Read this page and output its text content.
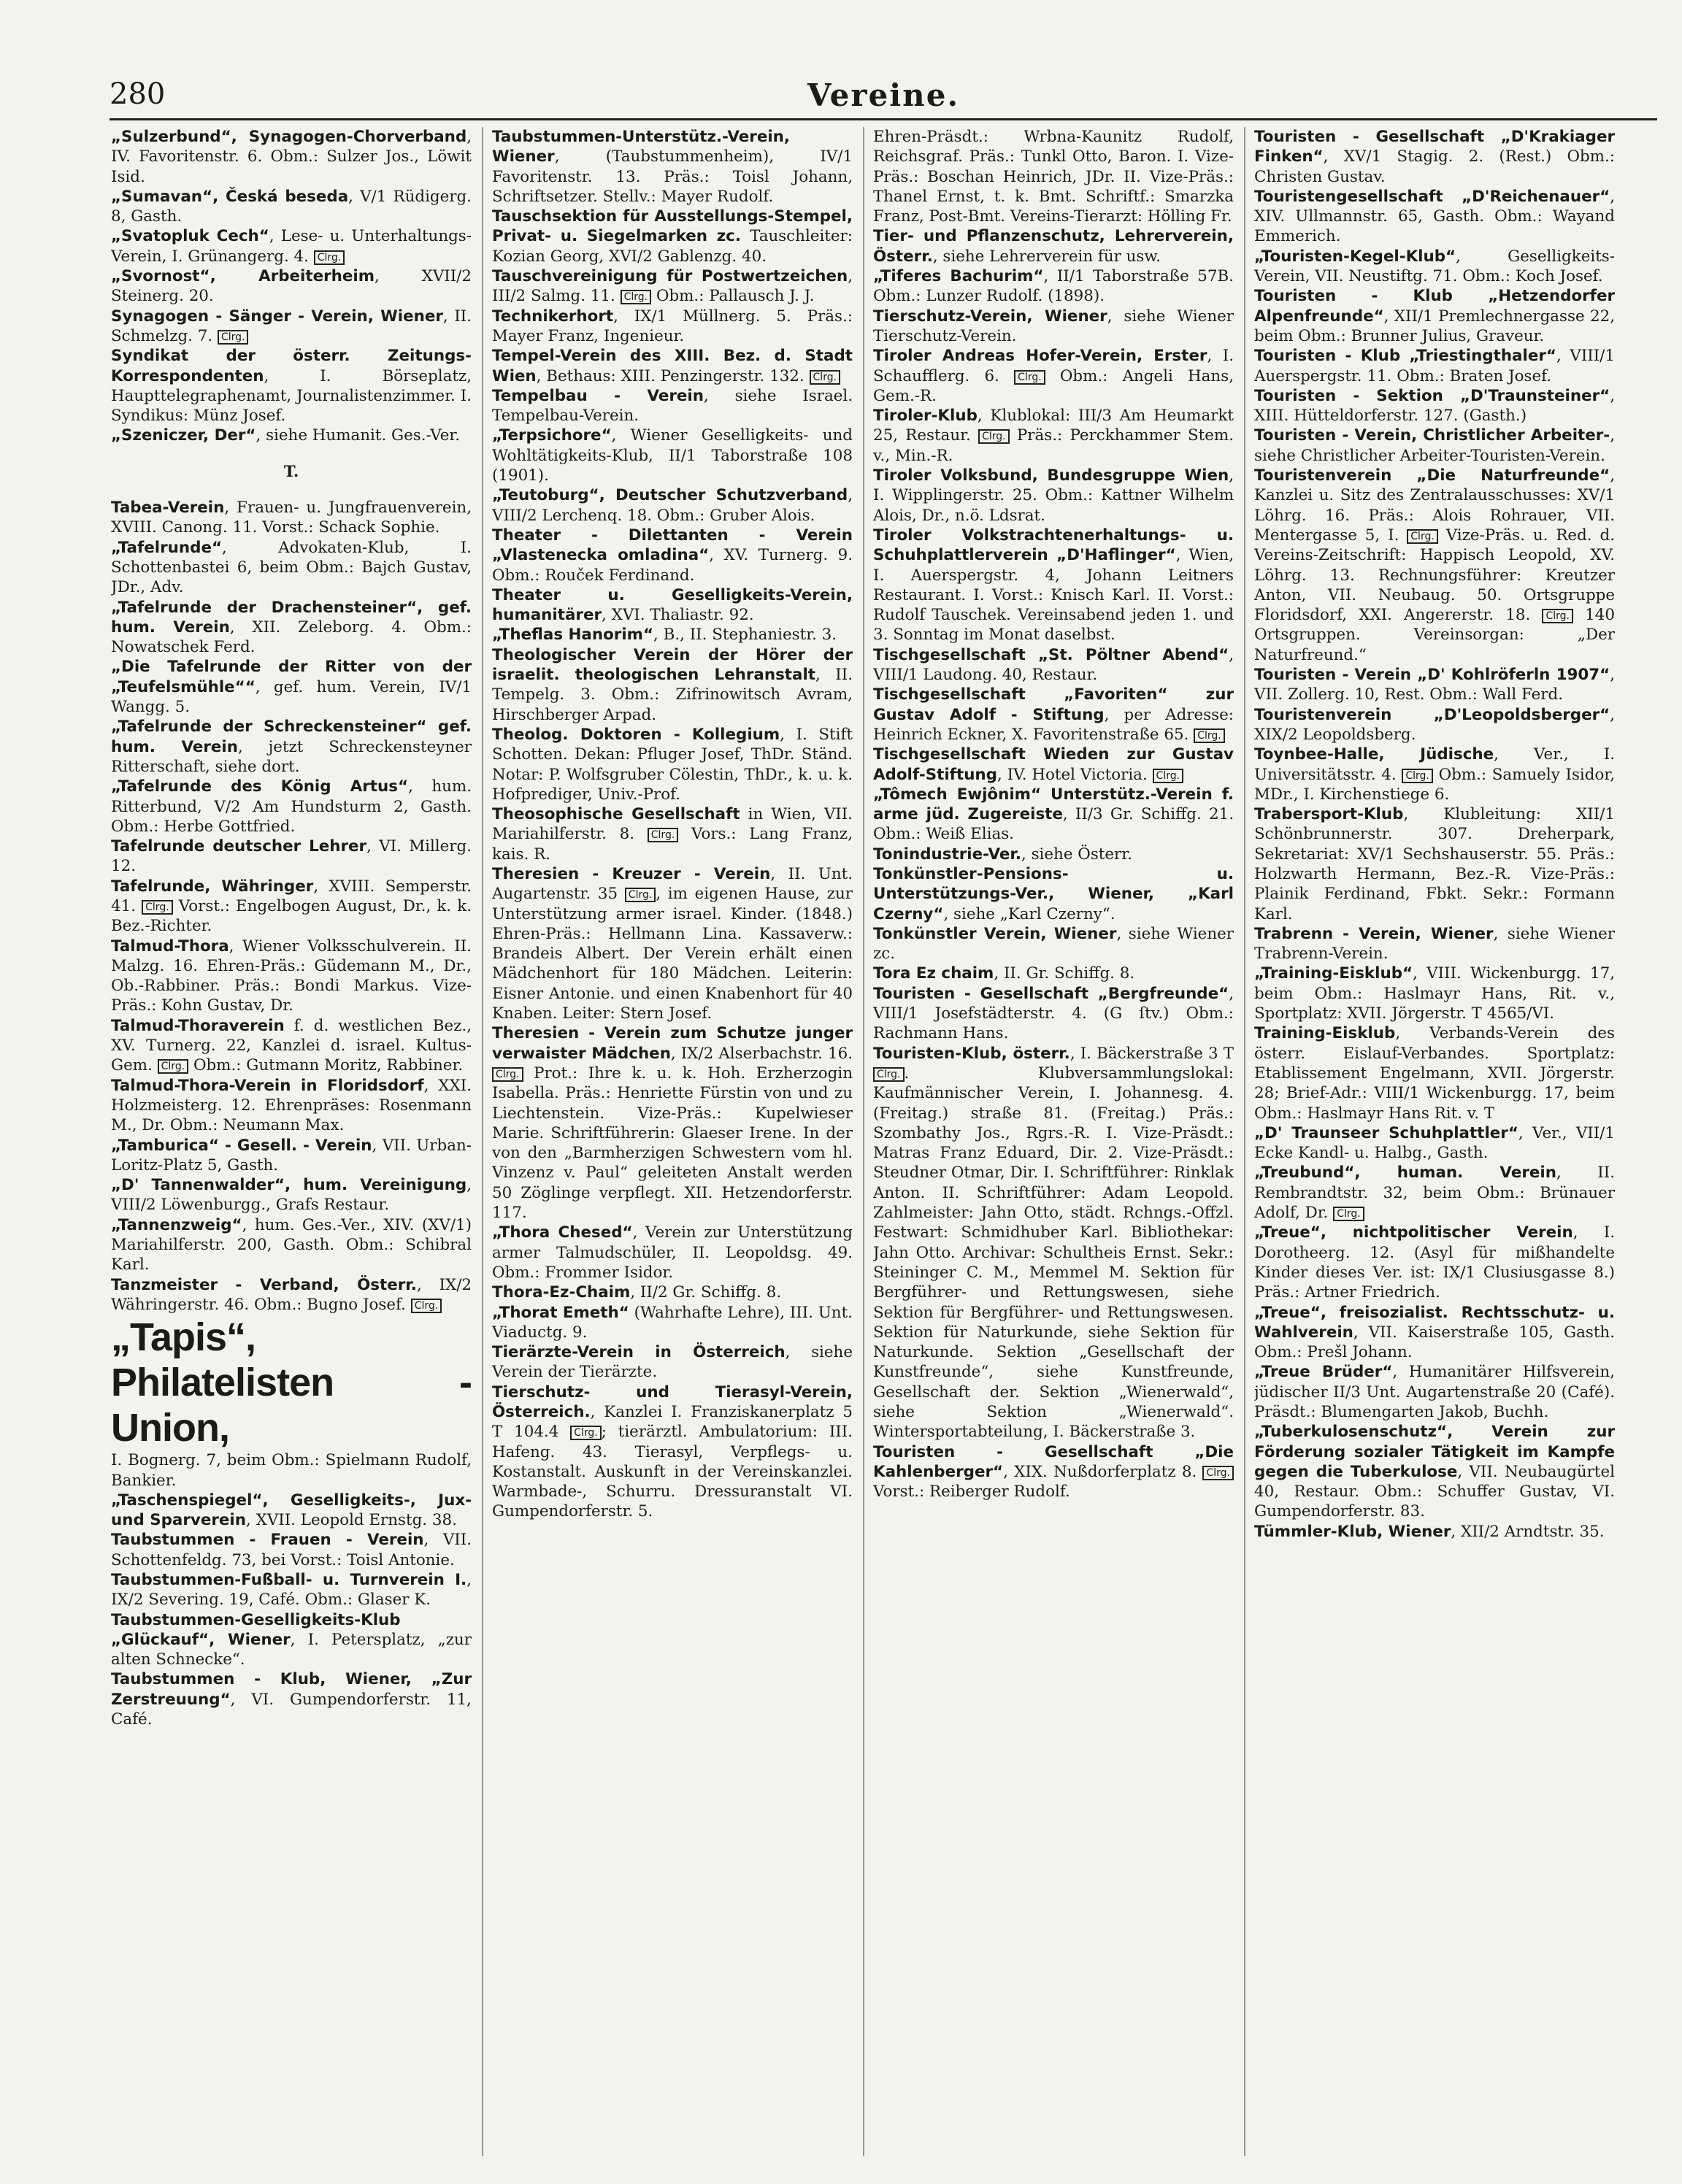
280	Vereine.

„Sulzerbund“, Synagogen-Chorverband, IV. Favoritenstr. 6. Obm.: Sulzer Jos., Löwit Isid.

„Sumavan“, Česká beseda, V/1 Rüdigerg. 8, Gasth.

„Svatopluk Cech“, Lese- u. Unterhaltungs-Verein, I. Grünangerg. 4. Clrg.

„Svornost“, Arbeiterheim, XVII/2 Steinerg. 20.

Synagogen - Sänger - Verein, Wiener, II. Schmelzg. 7. Clrg.

Syndikat der österr. Zeitungs-Korrespondenten, I. Börseplatz, Haupttelegraphenamt, Journalistenzimmer. I. Syndikus: Münz Josef.

„Szeniczer, Der“, siehe Humanit. Ges.-Ver.

T.

Tabea-Verein, Frauen- u. Jungfrauenverein, XVIII. Canong. 11. Vorst.: Schack Sophie.

„Tafelrunde“, Advokaten-Klub, I. Schottenbastei 6, beim Obm.: Bajch Gustav, JDr., Adv.

„Tafelrunde der Drachensteiner“, gef. hum. Verein, XII. Zeleborg. 4. Obm.: Nowatschek Ferd.

„Die Tafelrunde der Ritter von der „Teufelsmühle““, gef. hum. Verein, IV/1 Wangg. 5.

„Tafelrunde der Schreckensteiner“ gef. hum. Verein, jetzt Schreckensteyner Ritterschaft, siehe dort.

„Tafelrunde des König Artus“, hum. Ritterbund, V/2 Am Hundsturm 2, Gasth. Obm.: Herbe Gottfried.

Tafelrunde deutscher Lehrer, VI. Millerg. 12.

Tafelrunde, Währinger, XVIII. Semperstr. 41. Clrg. Vorst.: Engelbogen August, Dr., k. k. Bez.-Richter.

Talmud-Thora, Wiener Volksschulverein. II. Malzg. 16. Ehren-Präs.: Güdemann M., Dr., Ob.-Rabbiner. Präs.: Bondi Markus. Vize-Präs.: Kohn Gustav, Dr.

Talmud-Thoraverein f. d. westlichen Bez., XV. Turnerg. 22, Kanzlei d. israel. Kultus-Gem. Clrg. Obm.: Gutmann Moritz, Rabbiner.

Talmud-Thora-Verein in Floridsdorf, XXI. Holzmeisterg. 12. Ehrenpräses: Rosenmann M., Dr. Obm.: Neumann Max.

„Tamburica“ - Gesell. - Verein, VII. Urban-Loritz-Platz 5, Gasth.

„D' Tannenwalder“, hum. Vereinigung, VIII/2 Löwenburgg., Grafs Restaur.

„Tannenzweig“, hum. Ges.-Ver., XIV. (XV/1) Mariahilferstr. 200, Gasth. Obm.: Schibral Karl.

Tanzmeister - Verband, Österr., IX/2 Währingerstr. 46. Obm.: Bugno Josef. Clrg.

„Tapis“, Philatelisten - Union,

I. Bognerg. 7, beim Obm.: Spielmann Rudolf, Bankier.

„Taschenspiegel“, Geselligkeits-, Jux- und Sparverein, XVII. Leopold Ernstg. 38.

Taubstummen - Frauen - Verein, VII. Schottenfeldg. 73, bei Vorst.: Toisl Antonie.

Taubstummen-Fußball- u. Turnverein I., IX/2 Severing. 19, Café. Obm.: Glaser K.

Taubstummen-Geselligkeits-Klub „Glückauf“, Wiener, I. Petersplatz, „zur alten Schnecke“.

Taubstummen - Klub, Wiener, „Zur Zerstreuung“, VI. Gumpendorferstr. 11, Café.

Taubstummen-Unterstütz.-Verein, Wiener, (Taubstummenheim), IV/1 Favoritenstr. 13. Präs.: Toisl Johann, Schriftsetzer. Stellv.: Mayer Rudolf.

Tauschsektion für Ausstellungs-Stempel, Privat- u. Siegelmarken zc. Tauschleiter: Kozian Georg, XVI/2 Gablenzg. 40.

Tauschvereinigung für Postwertzeichen, III/2 Salmg. 11. Clrg. Obm.: Pallausch J. J.

Technikerhort, IX/1 Müllnerg. 5. Präs.: Mayer Franz, Ingenieur.

Tempel-Verein des XIII. Bez. d. Stadt Wien, Bethaus: XIII. Penzingerstr. 132. Clrg.

Tempelbau - Verein, siehe Israel. Tempelbau-Verein.

„Terpsichore“, Wiener Geselligkeits- und Wohltätigkeits-Klub, II/1 Taborstraße 108 (1901).

„Teutoburg“, Deutscher Schutzverband, VIII/2 Lerchenq. 18. Obm.: Gruber Alois.

Theater - Dilettanten - Verein „Vlastenecka omladina“, XV. Turnerg. 9. Obm.: Rouček Ferdinand.

Theater u. Geselligkeits-Verein, humanitärer, XVI. Thaliastr. 92.

„Theflas Hanorim“, B., II. Stephaniestr. 3.

Theologischer Verein der Hörer der israelit. theologischen Lehranstalt, II. Tempelg. 3. Obm.: Zifrinowitsch Avram, Hirschberger Arpad.

Theolog. Doktoren - Kollegium, I. Stift Schotten. Dekan: Pfluger Josef, ThDr. Ständ. Notar: P. Wolfsgruber Cölestin, ThDr., k. u. k. Hofprediger, Univ.-Prof.

Theosophische Gesellschaft in Wien, VII. Mariahilferstr. 8. Clrg. Vors.: Lang Franz, kais. R.

Theresien - Kreuzer - Verein, II. Unt. Augartenstr. 35 Clrg., im eigenen Hause, zur Unterstützung armer israel. Kinder. (1848.) Ehren-Präs.: Hellmann Lina. Kassaverw.: Brandeis Albert. Der Verein erhält einen Mädchenhort für 180 Mädchen. Leiterin: Eisner Antonie. und einen Knabenhort für 40 Knaben. Leiter: Stern Josef.

Theresien - Verein zum Schutze junger verwaister Mädchen, IX/2 Alserbachstr. 16. Clrg. Prot.: Ihre k. u. k. Hoh. Erzherzogin Isabella. Präs.: Henriette Fürstin von und zu Liechtenstein. Vize-Präs.: Kupelwieser Marie. Schriftführerin: Glaeser Irene. In der von den „Barmherzigen Schwestern vom hl. Vinzenz v. Paul“ geleiteten Anstalt werden 50 Zöglinge verpflegt. XII. Hetzendorferstr. 117.

„Thora Chesed“, Verein zur Unterstützung armer Talmudschüler, II. Leopoldsg. 49. Obm.: Frommer Isidor.

Thora-Ez-Chaim, II/2 Gr. Schiffg. 8.

„Thorat Emeth“ (Wahrhafte Lehre), III. Unt. Viaductg. 9.

Tierärzte-Verein in Österreich, siehe Verein der Tierärzte.

Tierschutz- und Tierasyl-Verein, Österreich., Kanzlei I. Franziskanerplatz 5 T 104.4 Clrg.; tierärztl. Ambulatorium: III. Hafeng. 43. Tierasyl, Verpflegs- u. Kostanstalt. Auskunft in der Vereinskanzlei. Warmbade-, Schurru. Dressuranstalt VI. Gumpendorferstr. 5.

Ehren-Präsdt.: Wrbna-Kaunitz Rudolf, Reichsgraf. Präs.: Tunkl Otto, Baron. I. Vize-Präs.: Boschan Heinrich, JDr. II. Vize-Präs.: Thanel Ernst, t. k. Bmt. Schriftf.: Smarzka Franz, Post-Bmt. Vereins-Tierarzt: Hölling Fr.

Tier- und Pflanzenschutz, Lehrerverein, Österr., siehe Lehrerverein für usw.

„Tiferes Bachurim“, II/1 Taborstraße 57B. Obm.: Lunzer Rudolf. (1898).

Tierschutz-Verein, Wiener, siehe Wiener Tierschutz-Verein.

Tiroler Andreas Hofer-Verein, Erster, I. Schaufflerg. 6. Clrg. Obm.: Angeli Hans, Gem.-R.

Tiroler-Klub, Klublokal: III/3 Am Heumarkt 25, Restaur. Clrg. Präs.: Perckhammer Stem. v., Min.-R.

Tiroler Volksbund, Bundesgruppe Wien, I. Wipplingerstr. 25. Obm.: Kattner Wilhelm Alois, Dr., n.ö. Ldsrat.

Tiroler Volkstrachtenerhaltungs- u. Schuhplattlerverein „D'Haflinger“, Wien, I. Auerspergstr. 4, Johann Leitners Restaurant. I. Vorst.: Knisch Karl. II. Vorst.: Rudolf Tauschek. Vereinsabend jeden 1. und 3. Sonntag im Monat daselbst.

Tischgesellschaft „St. Pöltner Abend“, VIII/1 Laudong. 40, Restaur.

Tischgesellschaft „Favoriten“ zur Gustav Adolf - Stiftung, per Adresse: Heinrich Eckner, X. Favoritenstraße 65. Clrg.

Tischgesellschaft Wieden zur Gustav Adolf-Stiftung, IV. Hotel Victoria. Clrg.

„Tômech Ewjônim“ Unterstütz.-Verein f. arme jüd. Zugereiste, II/3 Gr. Schiffg. 21. Obm.: Weiß Elias.

Tonindustrie-Ver., siehe Österr.

Tonkünstler-Pensions- u. Unterstützungs-Ver., Wiener, „Karl Czerny“, siehe „Karl Czerny“.

Tonkünstler Verein, Wiener, siehe Wiener zc.

Tora Ez chaim, II. Gr. Schiffg. 8.

Touristen - Gesellschaft „Bergfreunde“, VIII/1 Josefstädterstr. 4. (G ſtv.) Obm.: Rachmann Hans.

Touristen-Klub, österr., I. Bäckerstraße 3 T Clrg.. Klubversammlungslokal: Kaufmännischer Verein, I. Johannesg. 4. (Freitag.) straße 81. (Freitag.) Präs.: Szombathy Jos., Rgrs.-R. I. Vize-Präsdt.: Matras Franz Eduard, Dir. 2. Vize-Präsdt.: Steudner Otmar, Dir. I. Schriftführer: Rinklak Anton. II. Schriftführer: Adam Leopold. Zahlmeister: Jahn Otto, städt. Rchngs.-Offzl. Festwart: Schmidhuber Karl. Bibliothekar: Jahn Otto. Archivar: Schultheis Ernst. Sekr.: Steininger C. M., Memmel M. Sektion für Bergführer- und Rettungswesen, siehe Sektion für Bergführer- und Rettungswesen. Sektion für Naturkunde, siehe Sektion für Naturkunde. Sektion „Gesellschaft der Kunstfreunde“, siehe Kunstfreunde, Gesellschaft der. Sektion „Wienerwald“, siehe Sektion „Wienerwald“. Wintersportabteilung, I. Bäckerstraße 3.

Touristen - Gesellschaft „Die Kahlenberger“, XIX. Nußdorferplatz 8. Clrg. Vorst.: Reiberger Rudolf.

Touristen - Gesellschaft „D'Krakiager Finken“, XV/1 Stagig. 2. (Rest.) Obm.: Christen Gustav.

Touristengesellschaft „D'Reichenauer“, XIV. Ullmannstr. 65, Gasth. Obm.: Wayand Emmerich.

„Touristen-Kegel-Klub“, Geselligkeits-Verein, VII. Neustiftg. 71. Obm.: Koch Josef.

Touristen - Klub „Hetzendorfer Alpenfreunde“, XII/1 Premlechnergasse 22, beim Obm.: Brunner Julius, Graveur.

Touristen - Klub „Triestingthaler“, VIII/1 Auerspergstr. 11. Obm.: Braten Josef.

Touristen - Sektion „D'Traunsteiner“, XIII. Hütteldorferstr. 127. (Gasth.)

Touristen - Verein, Christlicher Arbeiter-, siehe Christlicher Arbeiter-Touristen-Verein.

Touristenverein „Die Naturfreunde“, Kanzlei u. Sitz des Zentralausschusses: XV/1 Löhrg. 16. Präs.: Alois Rohrauer, VII. Mentergasse 5, I. Clrg. Vize-Präs. u. Red. d. Vereins-Zeitschrift: Happisch Leopold, XV. Löhrg. 13. Rechnungsführer: Kreutzer Anton, VII. Neubaug. 50. Ortsgruppe Floridsdorf, XXI. Angererstr. 18. Clrg. 140 Ortsgruppen. Vereinsorgan: „Der Naturfreund.“

Touristen - Verein „D' Kohlröferln 1907“, VII. Zollerg. 10, Rest. Obm.: Wall Ferd.

Touristenverein „D'Leopoldsberger“, XIX/2 Leopoldsberg.

Toynbee-Halle, Jüdische, Ver., I. Universitätsstr. 4. Clrg. Obm.: Samuely Isidor, MDr., I. Kirchenstiege 6.

Trabersport-Klub, Klubleitung: XII/1 Schönbrunnerstr. 307. Dreherpark, Sekretariat: XV/1 Sechshauserstr. 55. Präs.: Holzwarth Hermann, Bez.-R. Vize-Präs.: Plainik Ferdinand, Fbkt. Sekr.: Formann Karl.

Trabrenn - Verein, Wiener, siehe Wiener Trabrenn-Verein.

„Training-Eisklub“, VIII. Wickenburgg. 17, beim Obm.: Haslmayr Hans, Rit. v., Sportplatz: XVII. Jörgerstr. T 4565/VI.

Training-Eisklub, Verbands-Verein des österr. Eislauf-Verbandes. Sportplatz: Etablissement Engelmann, XVII. Jörgerstr. 28; Brief-Adr.: VIII/1 Wickenburgg. 17, beim Obm.: Haslmayr Hans Rit. v. T

„D' Traunseer Schuhplattler“, Ver., VII/1 Ecke Kandl- u. Halbg., Gasth.

„Treubund“, human. Verein, II. Rembrandtstr. 32, beim Obm.: Brünauer Adolf, Dr. Clrg.

„Treue“, nichtpolitischer Verein, I. Dorotheerg. 12. (Asyl für mißhandelte Kinder dieses Ver. ist: IX/1 Clusiusgasse 8.) Präs.: Artner Friedrich.

„Treue“, freisozialist. Rechtsschutz- u. Wahlverein, VII. Kaiserstraße 105, Gasth. Obm.: Prešl Johann.

„Treue Brüder“, Humanitärer Hilfsverein, jüdischer II/3 Unt. Augartenstraße 20 (Café). Präsdt.: Blumengarten Jakob, Buchh.

„Tuberkulosenschutz“, Verein zur Förderung sozialer Tätigkeit im Kampfe gegen die Tuberkulose, VII. Neubaugürtel 40, Restaur. Obm.: Schuffer Gustav, VI. Gumpendorferstr. 83.

Tümmler-Klub, Wiener, XII/2 Arndtstr. 35.
